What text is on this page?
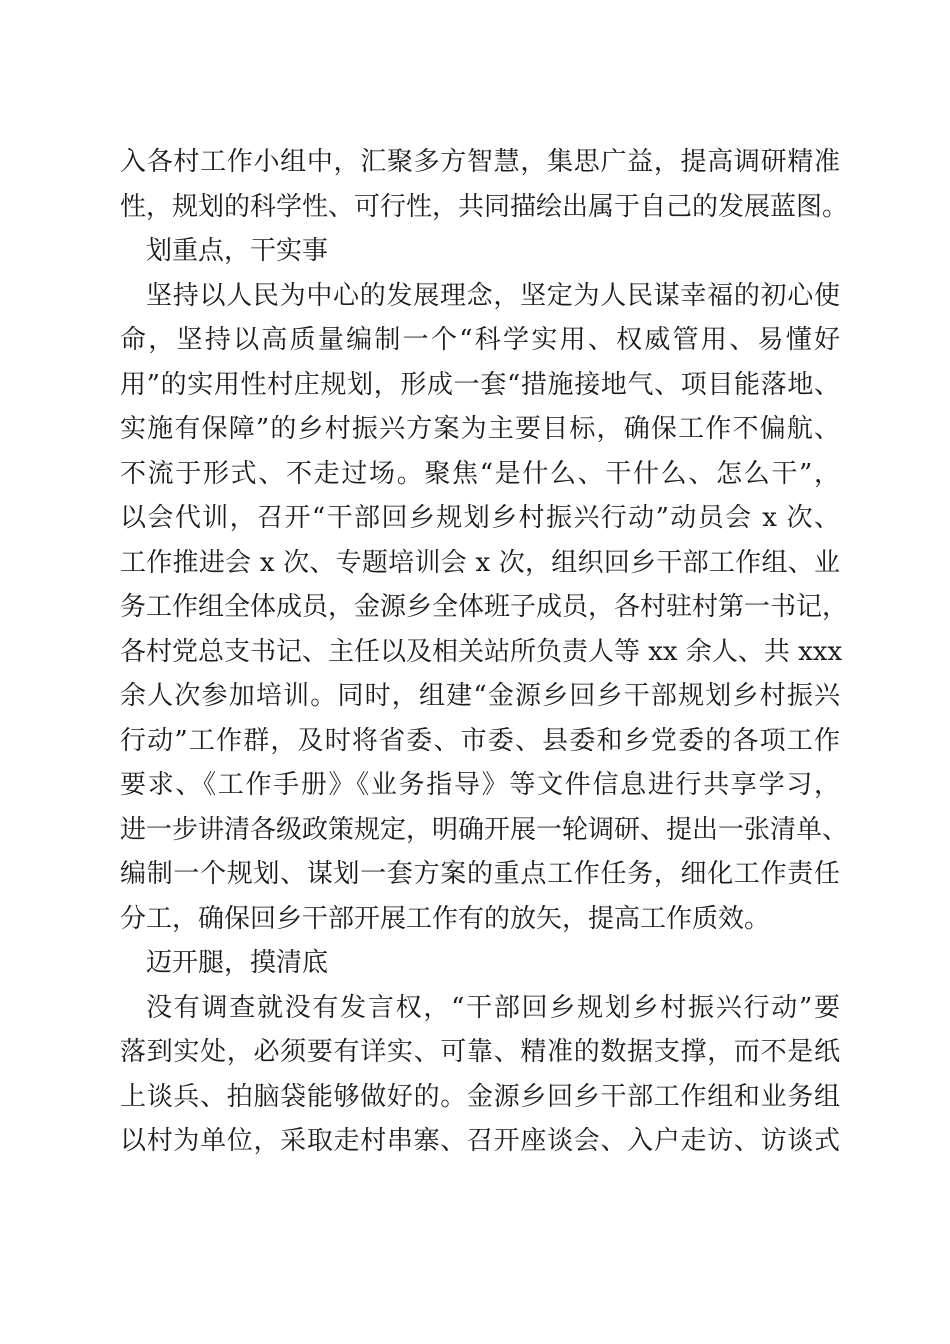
入各村工作小组中，汇聚多方智慧，集思广益，提高调研精准
性，规划的科学性、可行性，共同描绘出属于自己的发展蓝图。
划重点，干实事
坚持以人民为中心的发展理念，坚定为人民谋幸福的初心使
命，坚持以高质量编制一个“科学实用、权威管用、易懂好
用”的实用性村庄规划，形成一套“措施接地气、项目能落地、
实施有保障”的乡村振兴方案为主要目标，确保工作不偏航、
不流于形式、不走过场。聚焦“是什么、干什么、怎么干”，
以会代训，召开“干部回乡规划乡村振兴行动”动员会 x 次、
工作推进会 x 次、专题培训会 x 次，组织回乡干部工作组、业
务工作组全体成员，金源乡全体班子成员，各村驻村第一书记，
各村党总支书记、主任以及相关站所负责人等 xx 余人、共 xxx
余人次参加培训。同时，组建“金源乡回乡干部规划乡村振兴
行动”工作群，及时将省委、市委、县委和乡党委的各项工作
要求、《工作手册》《业务指导》等文件信息进行共享学习，
进一步讲清各级政策规定，明确开展一轮调研、提出一张清单、
编制一个规划、谋划一套方案的重点工作任务，细化工作责任
分工，确保回乡干部开展工作有的放矢，提高工作质效。
迈开腿，摸清底
没有调查就没有发言权，“干部回乡规划乡村振兴行动”要
落到实处，必须要有详实、可靠、精准的数据支撑，而不是纸
上谈兵、拍脑袋能够做好的。金源乡回乡干部工作组和业务组
以村为单位，采取走村串寨、召开座谈会、入户走访、访谈式
